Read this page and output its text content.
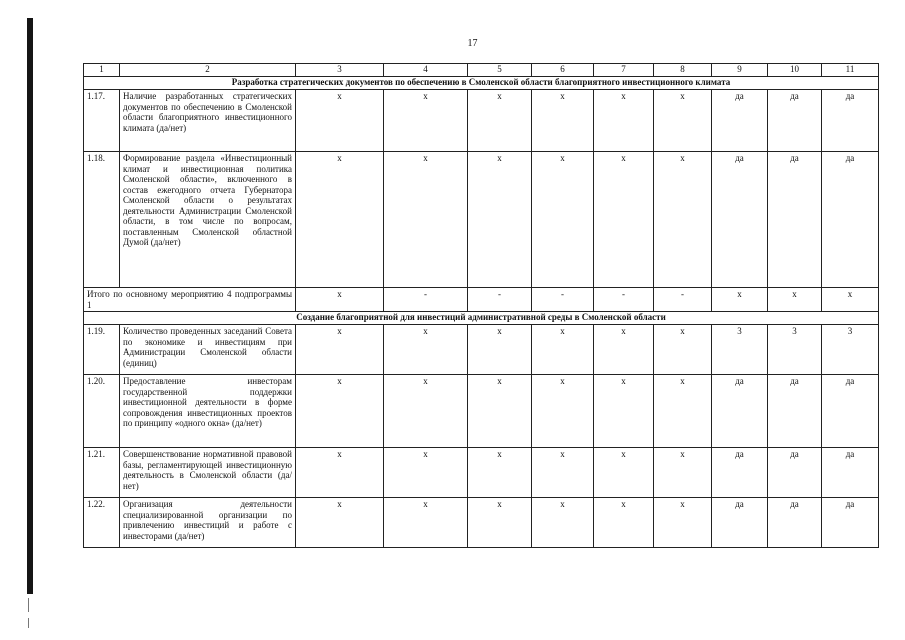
17
1	2	3	4	5	6	7	8	9	10	11
Разработка стратегических документов по обеспечению в Смоленской области благоприятного инвестиционного климата										
1.17.	Наличие разработанных стратегических документов по обеспечению в Смоленской области благоприятного инвестиционного климата (да/нет)	x	x	x	x	x	x	да	да	да
1.18.	Формирование раздела «Инвестиционный климат и инвестиционная политика Смоленской области», включенного в состав ежегодного отчета Губернатора Смоленской области о результатах деятельности Администрации Смоленской области, в том числе по вопросам, поставленным Смоленской областной Думой (да/нет)	x	x	x	x	x	x	да	да	да
Итого по основному мероприятию 4 подпрограммы 1		x	-	-	-	-	-	x	x	x
Создание благоприятной для инвестиций административной среды в Смоленской области										
1.19.	Количество проведенных заседаний Совета по экономике и инвестициям при Администрации Смоленской области (единиц)	x	x	x	x	x	x	3	3	3
1.20.	Предоставление инвесторам государственной поддержки инвестиционной деятельности в форме сопровождения инвестиционных проектов по принципу «одного окна» (да/нет)	x	x	x	x	x	x	да	да	да
1.21.	Совершенствование нормативной правовой базы, регламентирующей инвестиционную деятельность в Смоленской области (да/нет)	x	x	x	x	x	x	да	да	да
1.22.	Организация деятельности специализированной организации по привлечению инвестиций и работе с инвесторами (да/нет)	x	x	x	x	x	x	да	да	да
